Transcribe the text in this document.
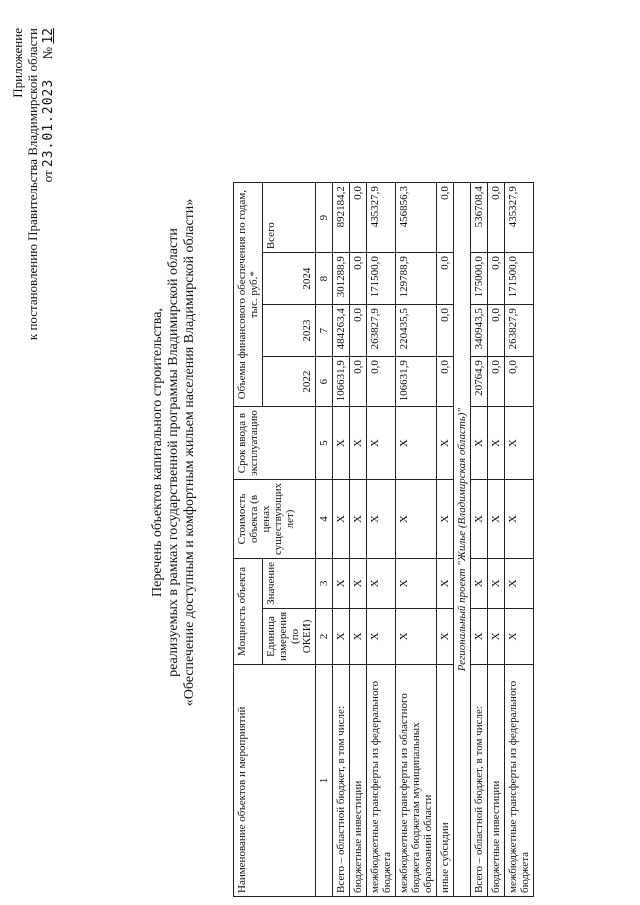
Приложение к постановлению Правительства Владимирской области от 23.01.2023      № 12
Перечень объектов капитального строительства, реализуемых в рамках государственной программы Владимирской области «Обеспечение доступным и комфортным жильем населения Владимирской области»
Наименование объектов и мероприятий	Мощность объекта		Стоимость объекта (в ценах существующих лет)	Срок ввода в эксплуатацию	Объемы финансового обеспечения по годам, тыс. руб.*			
	Единица измерения (по ОКЕИ)	Значение			2022	2023	2024	Всего
1	2	3	4	5	6	7	8	9
Всего – областной бюджет, в том числе:	Х	Х	Х	Х	106631,9	484263,4	301288,9	892184,2
бюджетные инвестиции	Х	Х	Х	Х	0,0	0,0	0,0	0,0
межбюджетные трансферты из федерального бюджета	Х	Х	Х	Х	0,0	263827,9	171500,0	435327,9
межбюджетные трансферты из областного бюджета бюджетам муниципальных образований области	Х	Х	Х	Х	106631,9	220435,5	129788,9	456856,3
иные субсидии	Х	Х	Х	Х	0,0	0,0	0,0	0,0
Региональный проект "Жилье (Владимирская область)"								
Всего – областной бюджет, в том числе:	Х	Х	Х	Х	20764,9	340943,5	175000,0	536708,4
бюджетные инвестиции	Х	Х	Х	Х	0,0	0,0	0,0	0,0
межбюджетные трансферты из федерального бюджета	Х	Х	Х	Х	0,0	263827,9	171500,0	435327,9
